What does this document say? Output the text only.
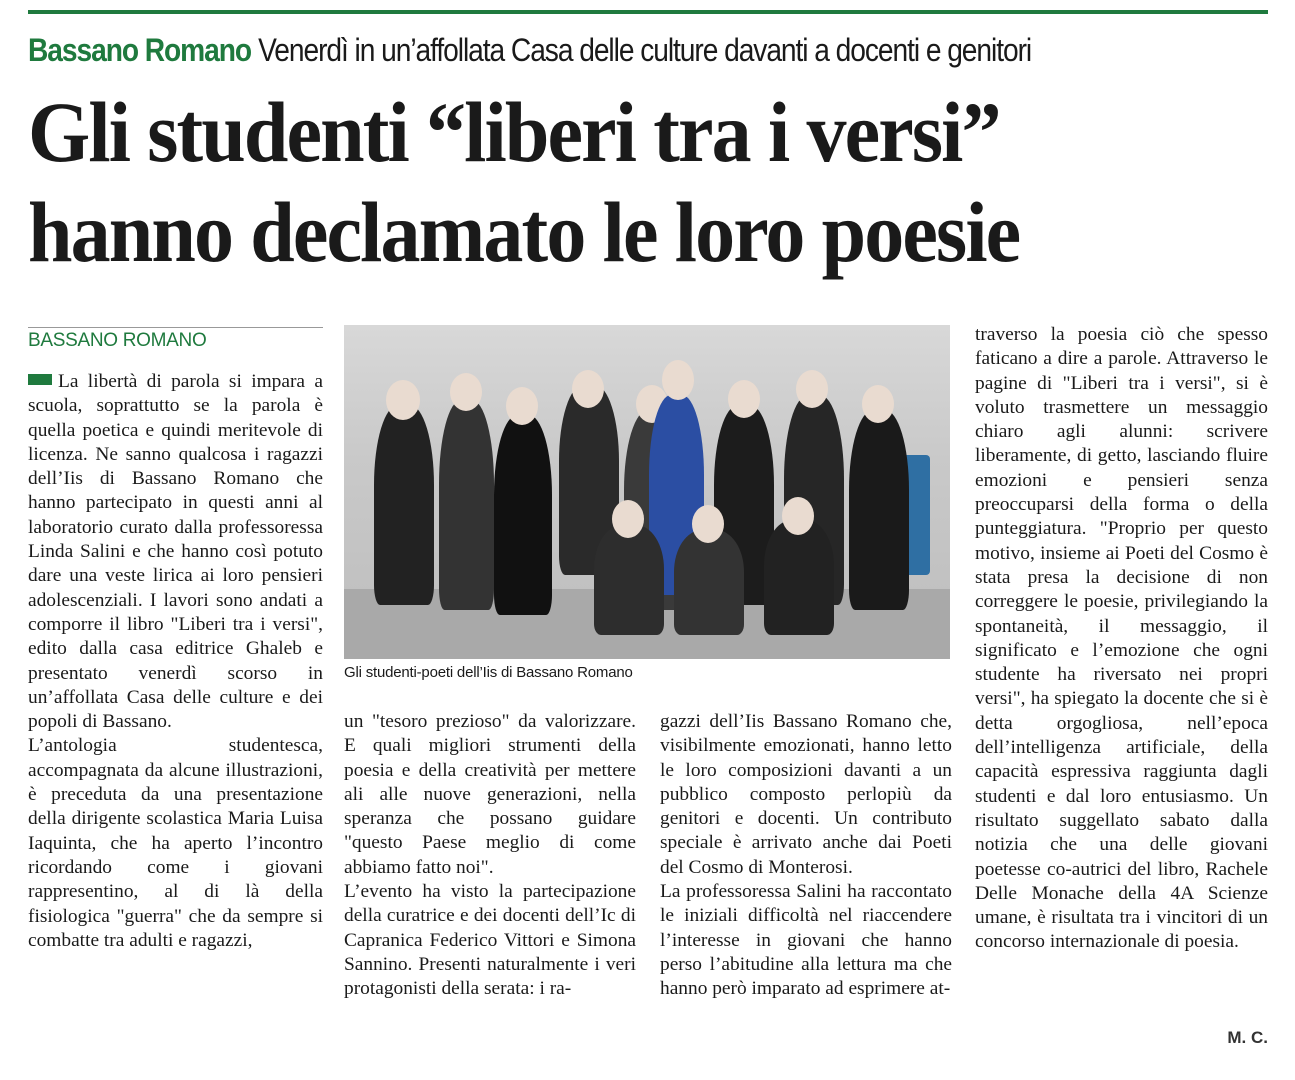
Bassano Romano Venerdì in un’affollata Casa delle culture davanti a docenti e genitori
Gli studenti “liberi tra i versi”
hanno declamato le loro poesie
BASSANO ROMANO

La libertà di parola si impara a scuola, soprattutto se la parola è quella poetica e quindi meritevole di licenza. Ne sanno qualcosa i ragazzi dell’Iis di Bassano Romano che hanno partecipato in questi anni al laboratorio curato dalla professoressa Linda Salini e che hanno così potuto dare una veste lirica ai loro pensieri adolescenziali. I lavori sono andati a comporre il libro "Liberi tra i versi", edito dalla casa editrice Ghaleb e presentato venerdì scorso in un’affollata Casa delle culture e dei popoli di Bassano.

L’antologia studentesca, accompagnata da alcune illustrazioni, è preceduta da una presentazione della dirigente scolastica Maria Luisa Iaquinta, che ha aperto l’incontro ricordando come i giovani rappresentino, al di là della fisiologica "guerra" che da sempre si combatte tra adulti e ragazzi,

Gli studenti-poeti dell’Iis di Bassano Romano

un "tesoro prezioso" da valorizzare. E quali migliori strumenti della poesia e della creatività per mettere ali alle nuove generazioni, nella speranza che possano guidare "questo Paese meglio di come abbiamo fatto noi".

L’evento ha visto la partecipazione della curatrice e dei docenti dell’Ic di Capranica Federico Vittori e Simona Sannino. Presenti naturalmente i veri protagonisti della serata: i ra-

gazzi dell’Iis Bassano Romano che, visibilmente emozionati, hanno letto le loro composizioni davanti a un pubblico composto perlopiù da genitori e docenti. Un contributo speciale è arrivato anche dai Poeti del Cosmo di Monterosi.

La professoressa Salini ha raccontato le iniziali difficoltà nel riaccendere l’interesse in giovani che hanno perso l’abitudine alla lettura ma che hanno però imparato ad esprimere at-

traverso la poesia ciò che spesso faticano a dire a parole. Attraverso le pagine di "Liberi tra i versi", si è voluto trasmettere un messaggio chiaro agli alunni: scrivere liberamente, di getto, lasciando fluire emozioni e pensieri senza preoccuparsi della forma o della punteggiatura. "Proprio per questo motivo, insieme ai Poeti del Cosmo è stata presa la decisione di non correggere le poesie, privilegiando la spontaneità, il messaggio, il significato e l’emozione che ogni studente ha riversato nei propri versi", ha spiegato la docente che si è detta orgogliosa, nell’epoca dell’intelligenza artificiale, della capacità espressiva raggiunta dagli studenti e dal loro entusiasmo. Un risultato suggellato sabato dalla notizia che una delle giovani poetesse co-autrici del libro, Rachele Delle Monache della 4A Scienze umane, è risultata tra i vincitori di un concorso internazionale di poesia.

M. C.
